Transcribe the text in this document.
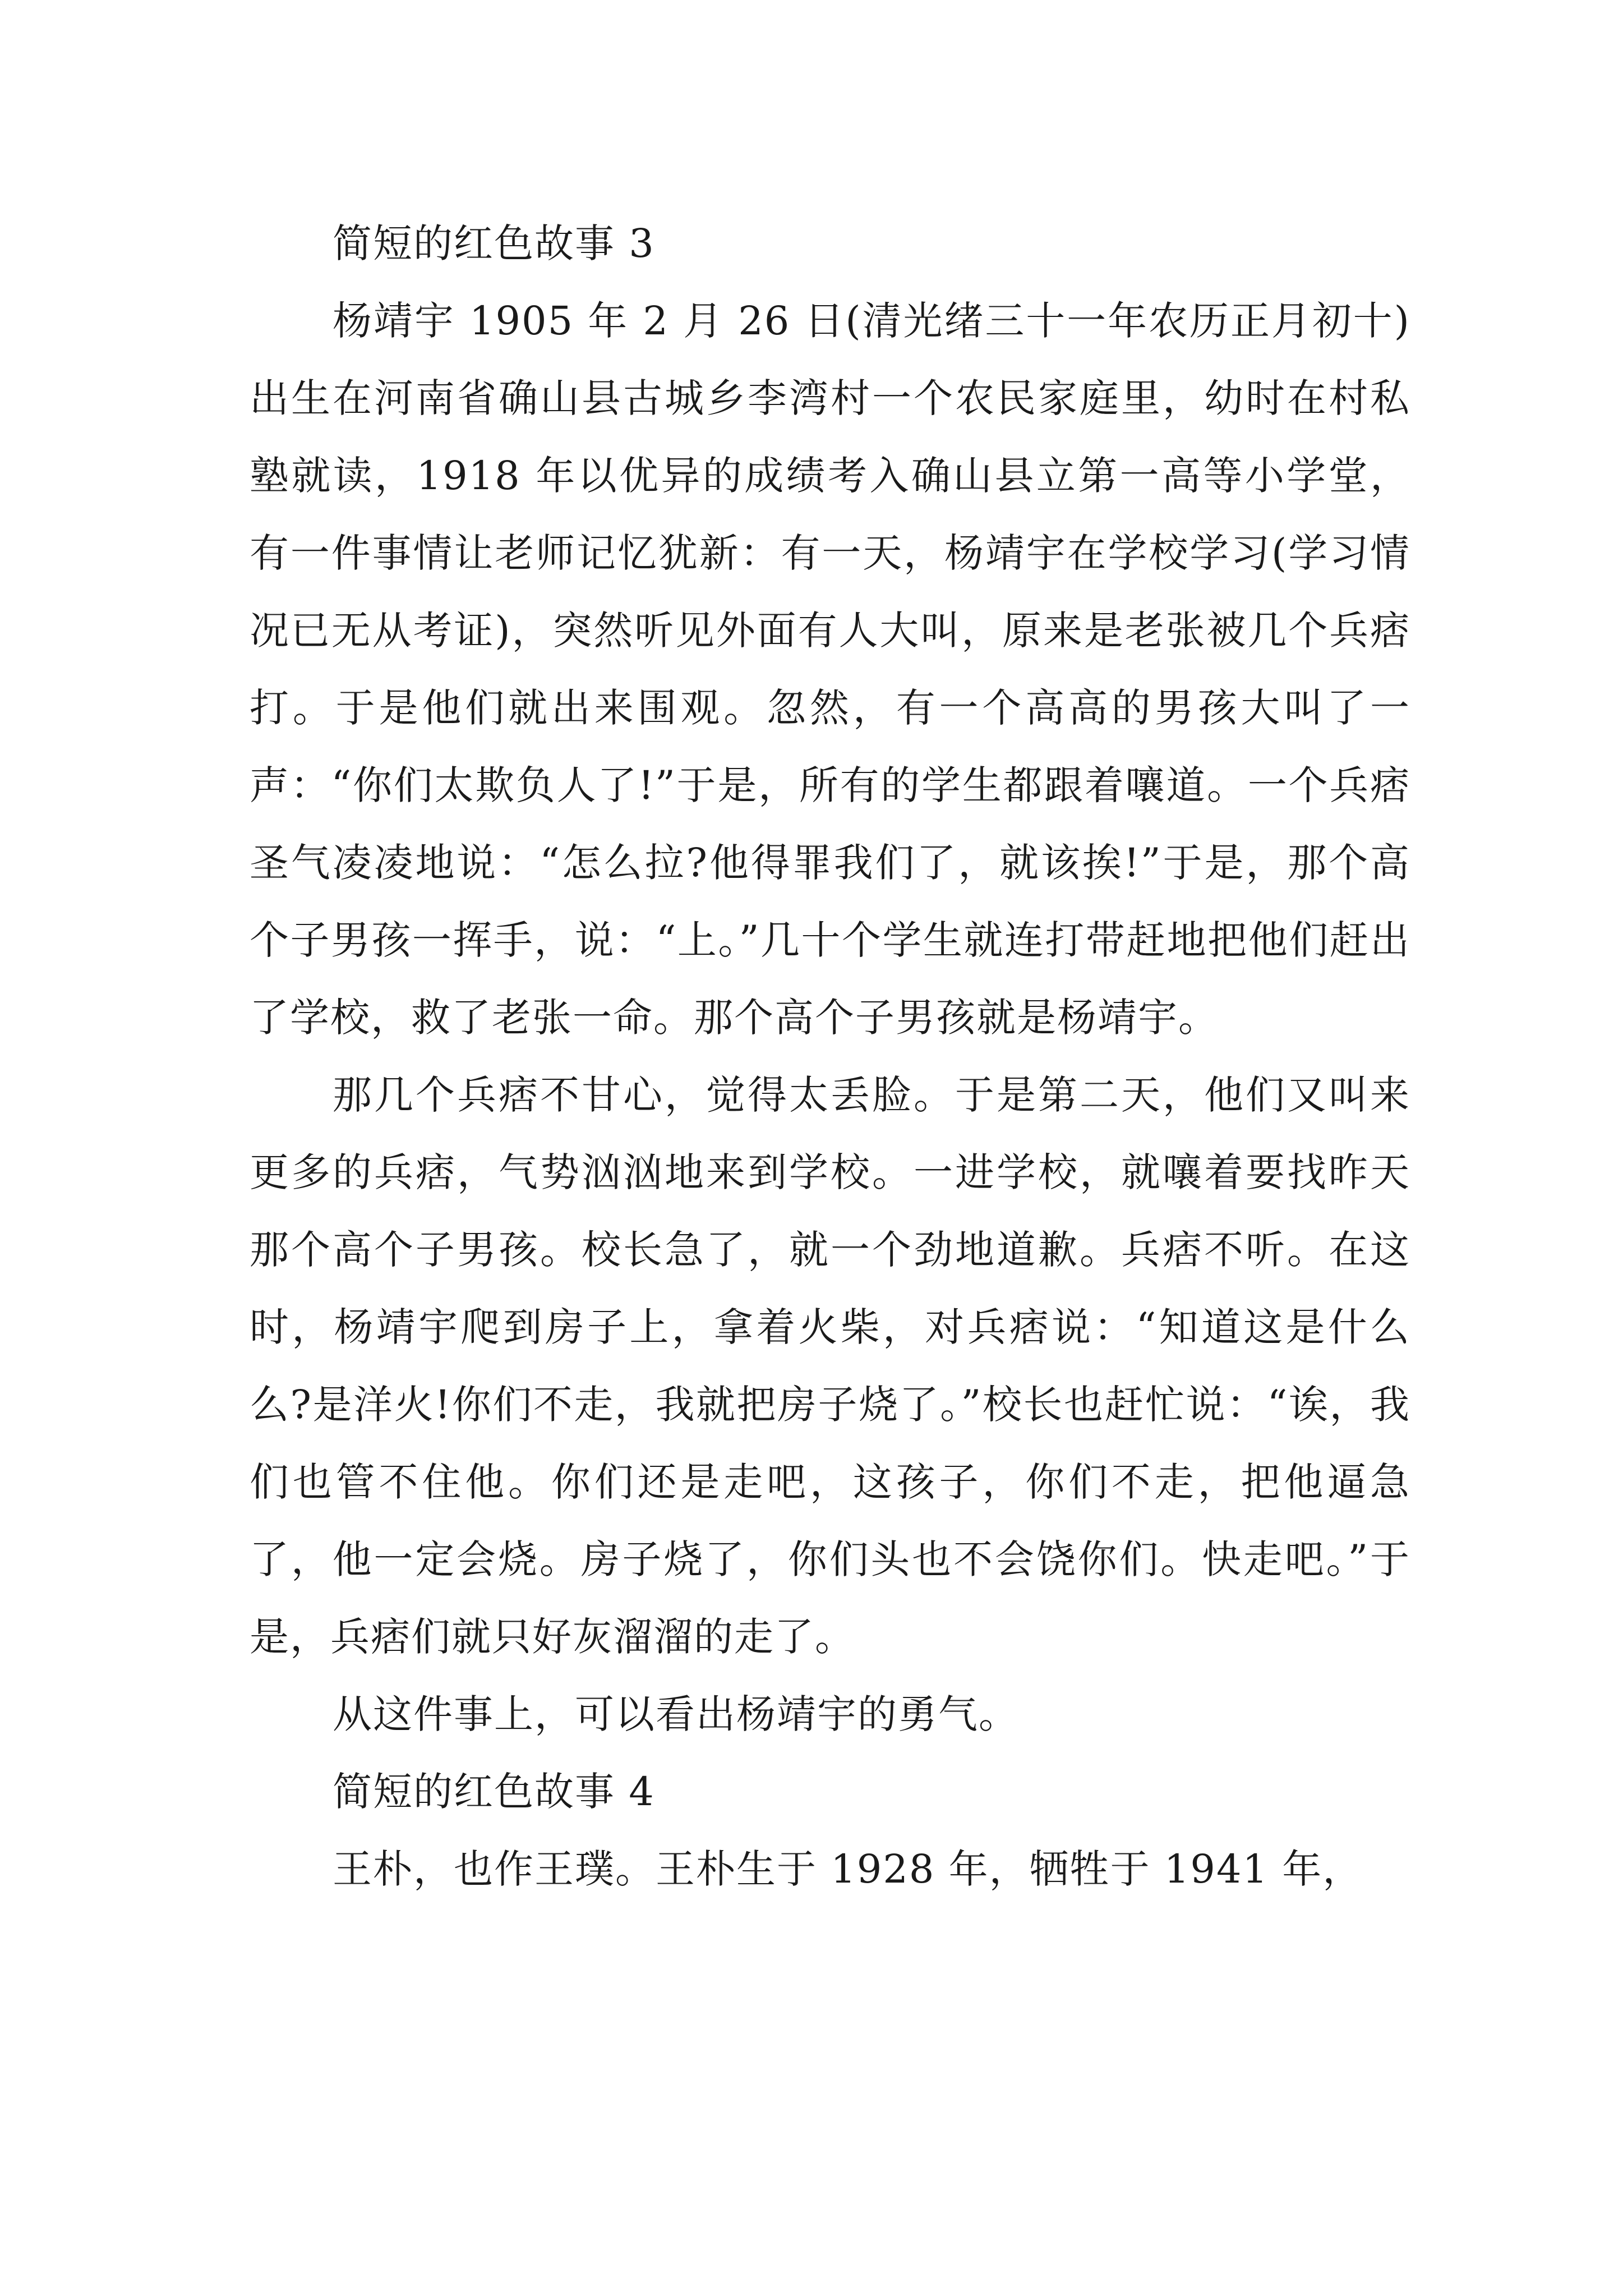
简短的红色故事 3

杨靖宇 1905 年 2 月 26 日(清光绪三十一年农历正月初十)出生在河南省确山县古城乡李湾村一个农民家庭里，幼时在村私塾就读，1918 年以优异的成绩考入确山县立第一高等小学堂，有一件事情让老师记忆犹新：有一天，杨靖宇在学校学习(学习情况已无从考证)，突然听见外面有人大叫，原来是老张被几个兵痞打。于是他们就出来围观。忽然，有一个高高的男孩大叫了一声：“你们太欺负人了!”于是，所有的学生都跟着嚷道。一个兵痞圣气凌凌地说：“怎么拉?他得罪我们了，就该挨!”于是，那个高个子男孩一挥手，说：“上。”几十个学生就连打带赶地把他们赶出了学校，救了老张一命。那个高个子男孩就是杨靖宇。

那几个兵痞不甘心，觉得太丢脸。于是第二天，他们又叫来更多的兵痞，气势汹汹地来到学校。一进学校，就嚷着要找昨天那个高个子男孩。校长急了，就一个劲地道歉。兵痞不听。在这时，杨靖宇爬到房子上，拿着火柴，对兵痞说：“知道这是什么么?是洋火!你们不走，我就把房子烧了。”校长也赶忙说：“诶，我们也管不住他。你们还是走吧，这孩子，你们不走，把他逼急了，他一定会烧。房子烧了，你们头也不会饶你们。快走吧。”于是，兵痞们就只好灰溜溜的走了。

从这件事上，可以看出杨靖宇的勇气。

简短的红色故事 4

王朴，也作王璞。王朴生于 1928 年，牺牲于 1941 年，
